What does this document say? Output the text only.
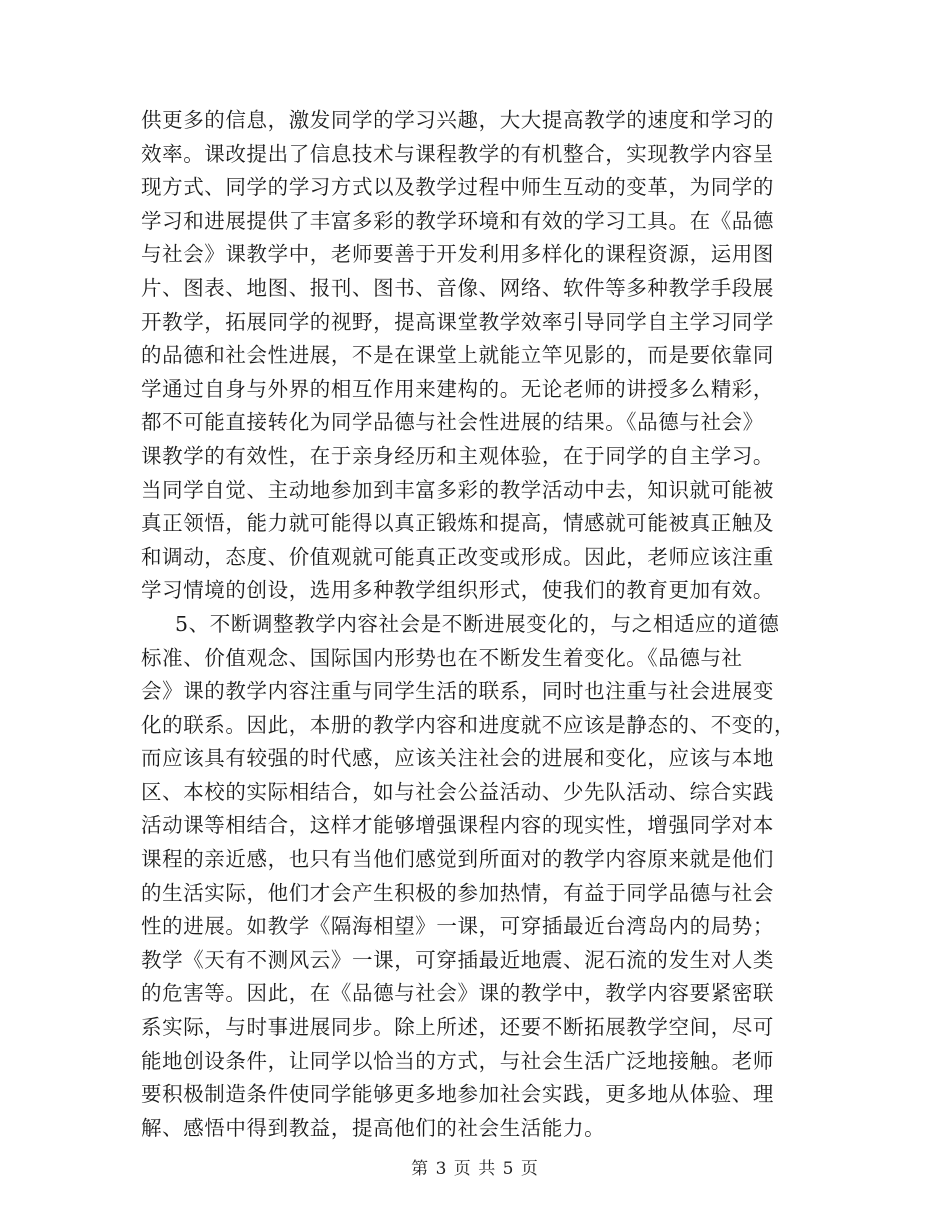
供更多的信息，激发同学的学习兴趣，大大提高教学的速度和学习的
效率。课改提出了信息技术与课程教学的有机整合，实现教学内容呈
现方式、同学的学习方式以及教学过程中师生互动的变革，为同学的
学习和进展提供了丰富多彩的教学环境和有效的学习工具。在《品德
与社会》课教学中，老师要善于开发利用多样化的课程资源，运用图
片、图表、地图、报刊、图书、音像、网络、软件等多种教学手段展
开教学，拓展同学的视野，提高课堂教学效率引导同学自主学习同学
的品德和社会性进展，不是在课堂上就能立竿见影的，而是要依靠同
学通过自身与外界的相互作用来建构的。无论老师的讲授多么精彩，
都不可能直接转化为同学品德与社会性进展的结果。《品德与社会》
课教学的有效性，在于亲身经历和主观体验，在于同学的自主学习。
当同学自觉、主动地参加到丰富多彩的教学活动中去，知识就可能被
真正领悟，能力就可能得以真正锻炼和提高，情感就可能被真正触及
和调动，态度、价值观就可能真正改变或形成。因此，老师应该注重
学习情境的创设，选用多种教学组织形式，使我们的教育更加有效。
5、不断调整教学内容社会是不断进展变化的，与之相适应的道德
标准、价值观念、国际国内形势也在不断发生着变化。《品德与社
会》课的教学内容注重与同学生活的联系，同时也注重与社会进展变
化的联系。因此，本册的教学内容和进度就不应该是静态的、不变的，
而应该具有较强的时代感，应该关注社会的进展和变化，应该与本地
区、本校的实际相结合，如与社会公益活动、少先队活动、综合实践
活动课等相结合，这样才能够增强课程内容的现实性，增强同学对本
课程的亲近感，也只有当他们感觉到所面对的教学内容原来就是他们
的生活实际，他们才会产生积极的参加热情，有益于同学品德与社会
性的进展。如教学《隔海相望》一课，可穿插最近台湾岛内的局势；
教学《天有不测风云》一课，可穿插最近地震、泥石流的发生对人类
的危害等。因此，在《品德与社会》课的教学中，教学内容要紧密联
系实际，与时事进展同步。除上所述，还要不断拓展教学空间，尽可
能地创设条件，让同学以恰当的方式，与社会生活广泛地接触。老师
要积极制造条件使同学能够更多地参加社会实践，更多地从体验、理
解、感悟中得到教益，提高他们的社会生活能力。
第 3 页 共 5 页
